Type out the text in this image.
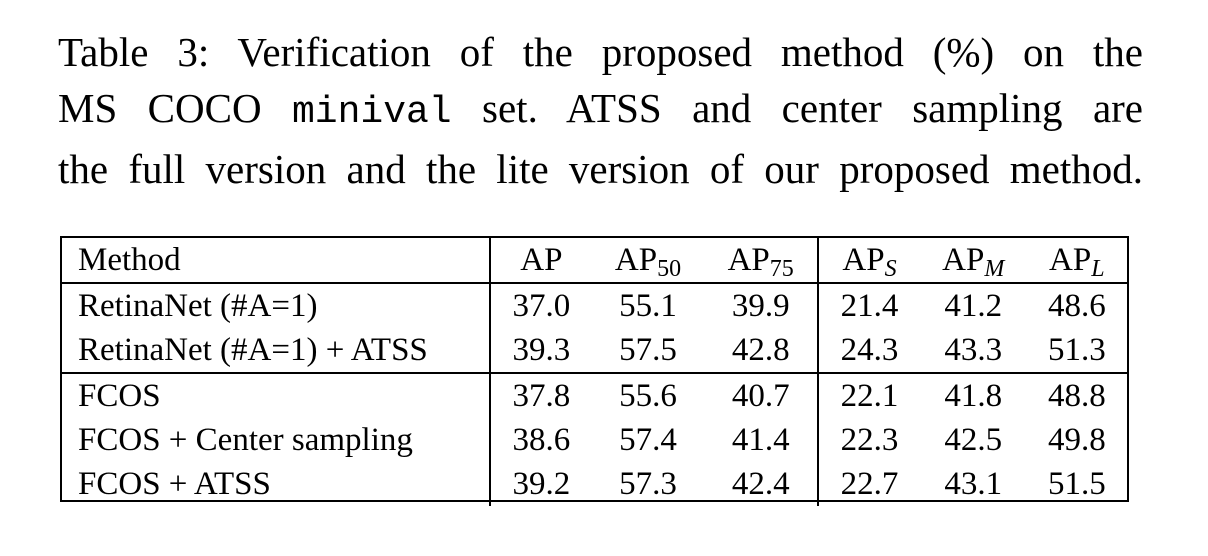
Table 3: Verification of the proposed method (%) on the
MS COCO minival set. ATSS and center sampling are
the full version and the lite version of our proposed method.
Method	AP	$AP_{50}$	$AP_{75}$	$AP_S$	$AP_M$	$AP_L$
RetinaNet (#A=1)	37.0	55.1	39.9	21.4	41.2	48.6
RetinaNet (#A=1) + ATSS	39.3	57.5	42.8	24.3	43.3	51.3
FCOS	37.8	55.6	40.7	22.1	41.8	48.8
FCOS + Center sampling	38.6	57.4	41.4	22.3	42.5	49.8
FCOS + ATSS	39.2	57.3	42.4	22.7	43.1	51.5
